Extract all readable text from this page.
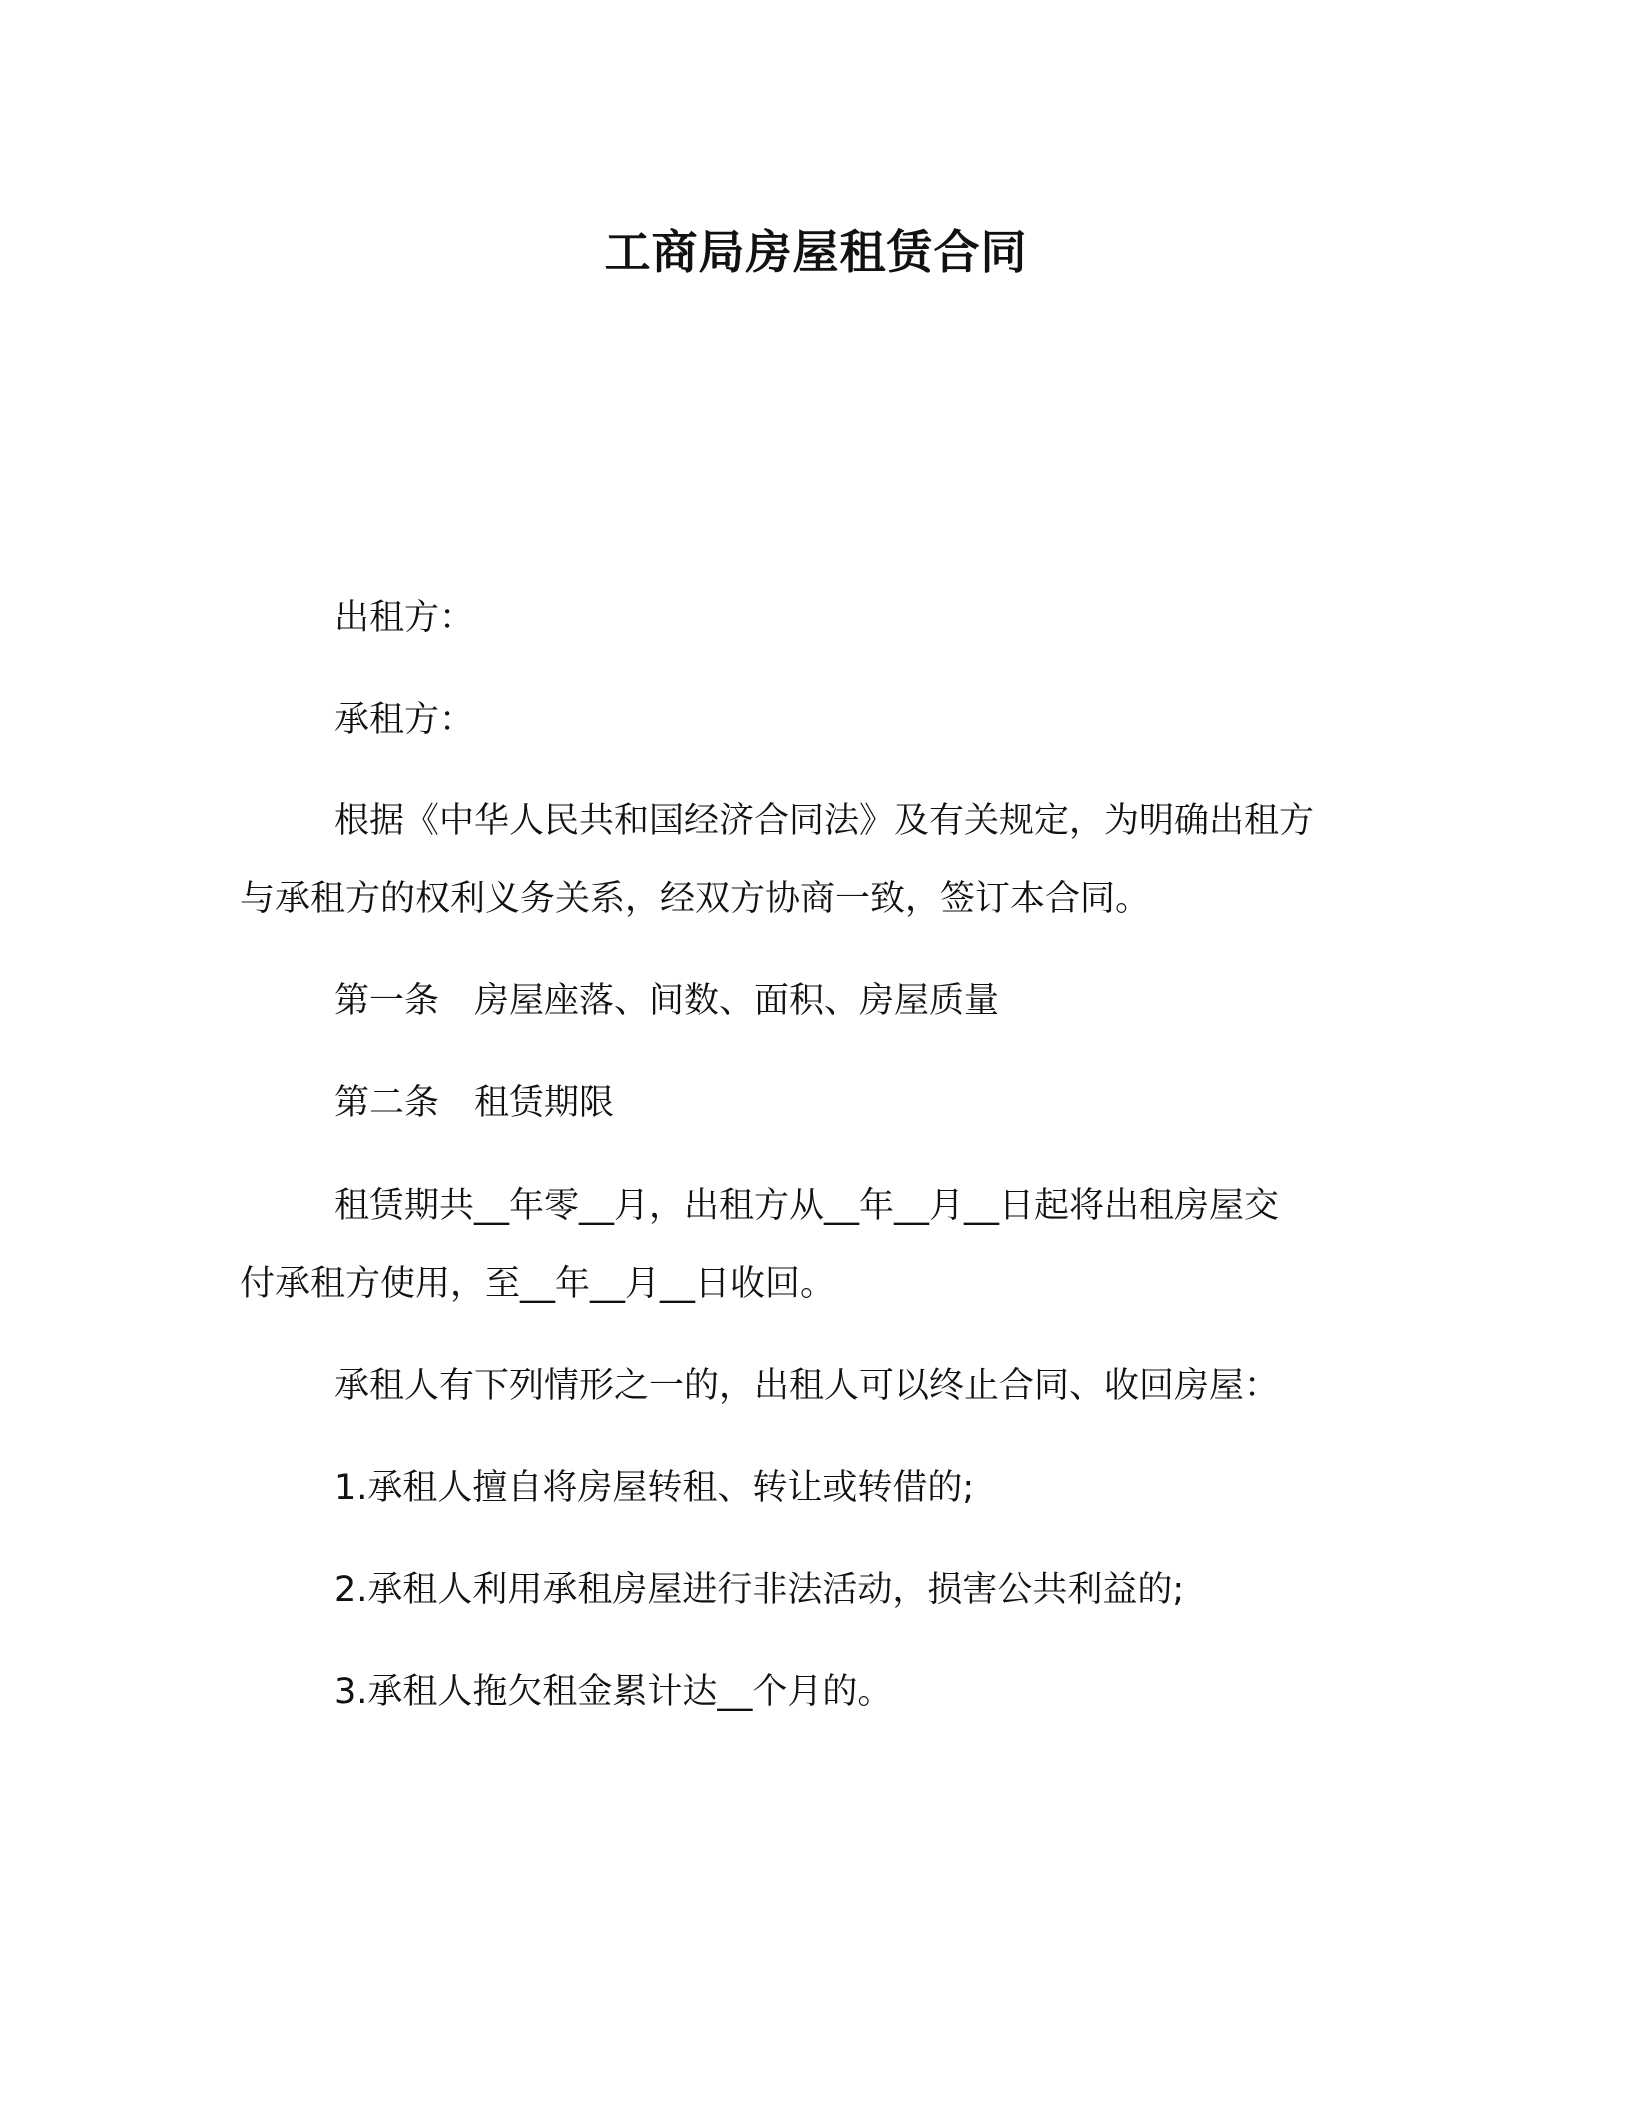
工商局房屋租赁合同

出租方：

承租方：

根据《中华人民共和国经济合同法》及有关规定，为明确出租方

与承租方的权利义务关系，经双方协商一致，签订本合同。

第一条　房屋座落、间数、面积、房屋质量

第二条　租赁期限

租赁期共__年零__月，出租方从__年__月__日起将出租房屋交

付承租方使用，至__年__月__日收回。

承租人有下列情形之一的，出租人可以终止合同、收回房屋：

1.承租人擅自将房屋转租、转让或转借的;

2.承租人利用承租房屋进行非法活动，损害公共利益的;

3.承租人拖欠租金累计达__个月的。
